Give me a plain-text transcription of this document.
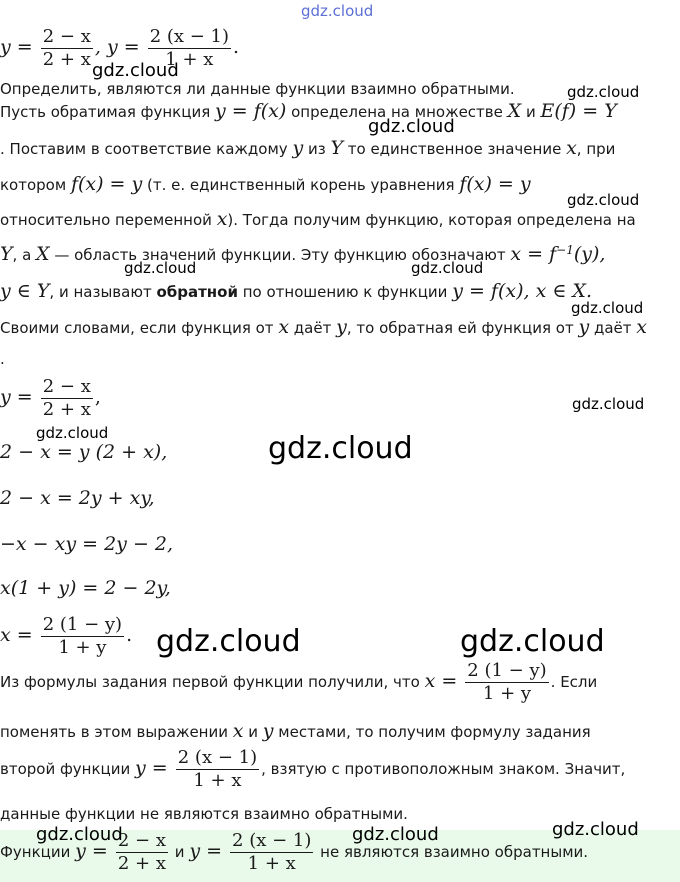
gdz.cloud
$y = \frac{2 - x}{2 + x}$ , $y = \frac{2 (x - 1)}{1 + x}$ .
Определить, являются ли данные функции взаимно обратными.
Пусть обратимая функция y = f(x) определена на множестве X и E(f) = Y
. Поставим в соответствие каждому y из Y то единственное значение x, при
котором f(x) = y (т. е. единственный корень уравнения f(x) = y
относительно переменной x). Тогда получим функцию, которая определена на
Y, а X — область значений функции. Эту функцию обозначают $x = f^{-1}(y)$,
y ∈ Y, и называют обратной по отношению к функции y = f(x), x ∈ X.
Своими словами, если функция от x даёт y, то обратная ей функция от y даёт x
.
$y = \frac{2 - x}{2 + x}$ ,
2 − x = y (2 + x),
2 − x = 2y + xy,
−x − xy = 2y − 2,
x(1 + y) = 2 − 2y,
$x = \frac{2 (1 - y)}{1 + y}$ .
Из формулы задания первой функции получили, что $x = \frac{2 (1 - y)}{1 + y}$ . Если
поменять в этом выражении x и y местами, то получим формулу задания
второй функции $y = \frac{2 (x - 1)}{1 + x}$ , взятую с противоположным знаком. Значит,
данные функции не являются взаимно обратными.
Функции $y = \frac{2 - x}{2 + x}$ и $y = \frac{2 (x - 1)}{1 + x}$ не являются взаимно обратными.
gdz.cloud
gdz.cloud
gdz.cloud
gdz.cloud
gdz.cloud	gdz.cloud
gdz.cloud
gdz.cloud
gdz.cloud	gdz.cloud
gdz.cloud	gdz.cloud
gdz.cloud	gdz.cloud	gdz.cloud
